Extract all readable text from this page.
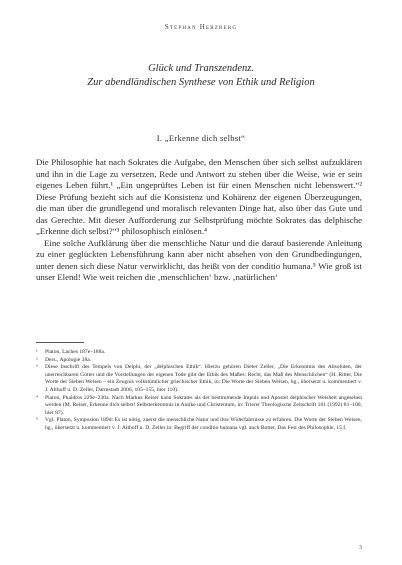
Stephan Herzberg
Glück und Transzendenz.
Zur abendländischen Synthese von Ethik und Religion
I. „Erkenne dich selbst“

Die Philosophie hat nach Sokrates die Aufgabe, den Menschen über sich selbst aufzuklären und ihn in die Lage zu versetzen, Rede und Antwort zu stehen über die Weise, wie er sein eigenes Leben führt.¹ „Ein ungeprüftes Leben ist für einen Menschen nicht lebenswert.“² Diese Prüfung bezieht sich auf die Konsistenz und Kohärenz der eigenen Überzeugungen, die man über die grundlegend und moralisch relevanten Dinge hat, also über das Gute und das Gerechte. Mit dieser Aufforderung zur Selbstprüfung möchte Sokrates das delphische „Erkenne dich selbst?“³ philosophisch einlösen.⁴

Eine solche Aufklärung über die menschliche Natur und die darauf basierende Anleitung zu einer geglückten Lebensführung kann aber nicht absehen von den Grundbedingungen, unter denen sich diese Natur verwirklicht, das heißt von der conditio humana.⁵ Wie groß ist unser Elend! Wie weit reichen die ‚menschlichen‘ bzw. ‚natürlichen‘

¹	Platon, Laches 187e–188a.
²	Ders., Apologie 38a.
³	Diese Inschrift des Tempels von Delphi, der „delphischen Ethik“. Hierzu gehören Dieter Zeller, „Die Erkenntnis des Absoluten, der unerreichbaren Götter und die Vorstellungen der eigenen Tode gibt der Ethik des Maßes: Recht, das Maß des Menschlichen“ (H. Ritter, Die Worte der Sieben Weisen – ein Zeugnis volkstümlicher griechischer Ethik, in: Die Worte der Sieben Weisen, hg., übersetzt u. kommentiert v. J. Althoff u. D. Zeller, Darmstadt 2006, 105–155, hier 110).
⁴	Platon, Phaidros 229e–230a. Nach Markus Reiser kann Sokrates als der bestimmende Impuls und Apostel delphischer Weisheit angesehen werden (M. Reiser, Erkenne dich selbst! Selbsterkenntnis in Antike und Christentum, in: Trierer Theologische Zeitschrift 101 (1992) 81–100, hier 87).
⁵	Vgl. Platon, Symposion 189d: Es ist nötig, zuerst die menschliche Natur und ihre Widerfahrnisse zu erfahren. Die Worte der Sieben Weisen, hg., übersetzt u. kommentiert v. J. Althoff u. D. Zeller in: Begriff der conditio humana vgl. auch Botter, Das Fest des Philosophie, 15 f.
3
